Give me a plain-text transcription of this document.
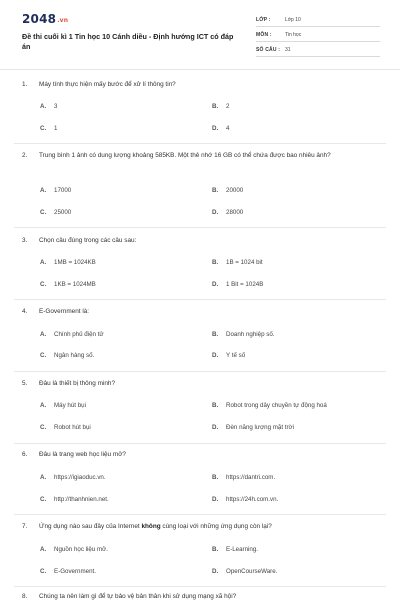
2048.vn
Đề thi cuối kì 1 Tin học 10 Cánh diều - Định hướng ICT có đáp án
LỚP :	Lớp 10
MÔN :	Tin học
SỐ CÂU : 31
1. Máy tính thực hiện mấy bước để xử lí thông tin?
A. 3	B. 2
C. 1	D. 4
2. Trung bình 1 ảnh có dung lượng khoảng 585KB. Một thẻ nhớ 16 GB có thể chứa được bao nhiêu ảnh?
A. 17000	B. 20000
C. 25000	D. 28000
3. Chọn câu đúng trong các câu sau:
A. 1MB = 1024KB	B. 1B = 1024 bit
C. 1KB = 1024MB	D. 1 Bit = 1024B
4. E-Government là:
A. Chính phủ điện tử	B. Doanh nghiệp số.
C. Ngân hàng số.	D. Y tế số
5. Đâu là thiết bị thông minh?
A. Máy hút bụi	B. Robot trong dây chuyền tự động hoá
C. Robot hút bụi	D. Đèn năng lượng mặt trời
6. Đâu là trang web học liệu mở?
A. https://igiaoduc.vn.	B. https://dantri.com.
C. http://thanhnien.net.	D. https://24h.com.vn.
7. Ứng dụng nào sau đây của Internet không cùng loại với những ứng dụng còn lại?
A. Nguồn học liệu mở.	B. E-Learning.
C. E-Government.	D. OpenCourseWare.
8. Chúng ta nên làm gì để tự bảo vệ bản thân khi sử dụng mạng xã hội?
